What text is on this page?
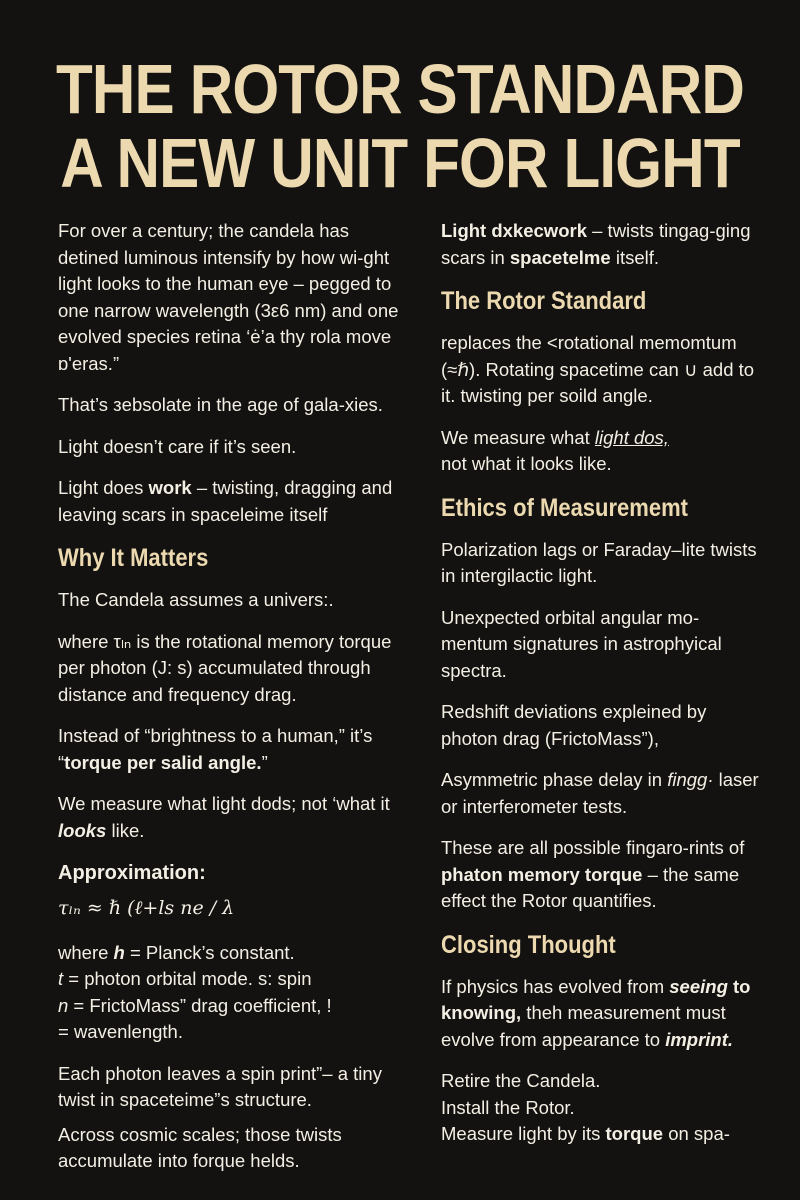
THE ROTOR STANDARD
A NEW UNIT FOR LIGHT

For over a century; the candela has detined luminous intensify by how wi-ght light looks to the human eye – pegged to one narrow wavelength (3ε6 nm) and one evolved species retina ‘ė’a thy rola move ɒ'eras.”

That’s зebsolate in the age of gala-xies.

Light doesn’t care if it’s seen.

Light does work – twisting, dragging and leaving scars in spaceleime itself

Why It Matters

The Candela assumes a univers:.

where τₗₙ is the rotational memory torque per photon (J: s) accumulated through distance and frequency drag.

Instead of “brightness to a human,” it’s “torque per salid angle.”

We measure what light dods; not ‘what it looks like.

Approximation:
τₗₙ ≈ ℏ (ℓ+ls ne / λ

where h = Planck’s constant.
t = photon orbital mode. s: spin
n = FrictoMass” drag coefficient, !
= wavenlength.

Each photon leaves a spin print”– a tiny twist in spaceteime”s structure.

Across cosmic scales; those twists accumulate into forque helds.

Light dxkecwork – twists tingag-ging scars in spacetelme itself.

The Rotor Standard

replaces the <rotational memomtum (≈ℏ). Rotating spacetime can ∪ add to it. twisting per soild angle.

We measure what light dos,
not what it looks like.

Ethics of Measurememt

Polarization lags or Faraday–lite twists in intergilactic light.

Unexpected orbital angular mo-mentum signatures in astrophyical spectra.

Redshift deviations expleined by photon drag (FrictoMass”),

Asymmetric phase delay in fingg· laser or interferometer tests.

These are all possible fingaro-rints of phaton memory torque – the same effect the Rotor quantifies.

Closing Thought

If physics has evolved from seeing to knowing, theh measurement must evolve from appearance to imprint.

Retire the Candela.
Install the Rotor.
Measure light by its torque on spa-
